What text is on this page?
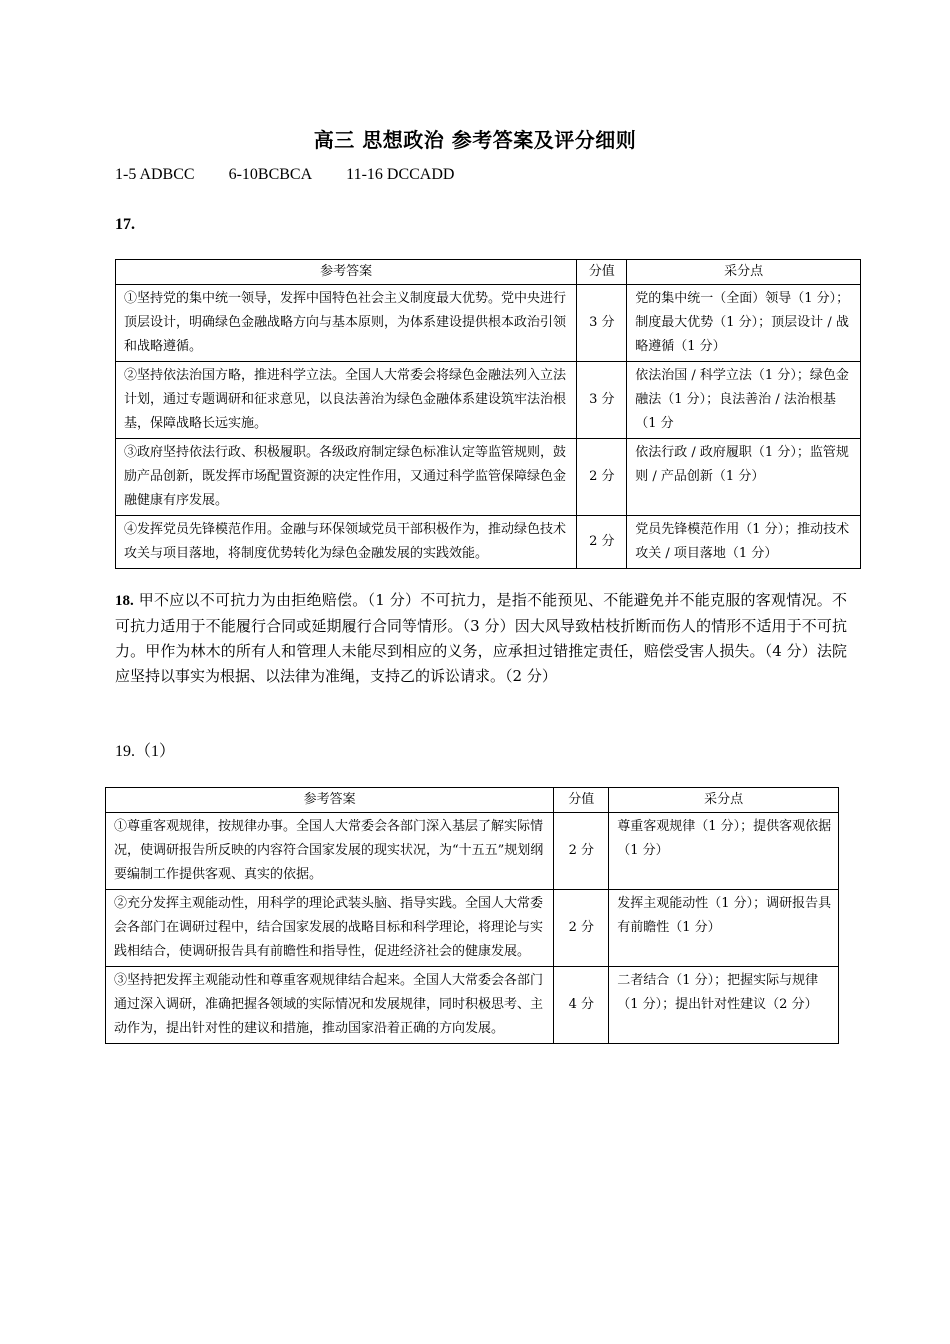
高三 思想政治 参考答案及评分细则
1-5 ADBCC 6-10BCBCA 11-16 DCCADD
17.
参考答案	分值	采分点
①坚持党的集中统一领导，发挥中国特色社会主义制度最大优势。党中央进行顶层设计，明确绿色金融战略方向与基本原则，为体系建设提供根本政治引领和战略遵循。	3 分	党的集中统一（全面）领导（1 分）；制度最大优势（1 分）；顶层设计 / 战略遵循（1 分）
②坚持依法治国方略，推进科学立法。全国人大常委会将绿色金融法列入立法计划，通过专题调研和征求意见，以良法善治为绿色金融体系建设筑牢法治根基，保障战略长远实施。	3 分	依法治国 / 科学立法（1 分）；绿色金融法（1 分）；良法善治 / 法治根基（1 分
③政府坚持依法行政、积极履职。各级政府制定绿色标准认定等监管规则，鼓励产品创新，既发挥市场配置资源的决定性作用，又通过科学监管保障绿色金融健康有序发展。	2 分	依法行政 / 政府履职（1 分）；监管规则 / 产品创新（1 分）
④发挥党员先锋模范作用。金融与环保领域党员干部积极作为，推动绿色技术攻关与项目落地，将制度优势转化为绿色金融发展的实践效能。	2 分	党员先锋模范作用（1 分）；推动技术攻关 / 项目落地（1 分）
18. 甲不应以不可抗力为由拒绝赔偿。（1 分）不可抗力，是指不能预见、不能避免并不能克服的客观情况。不可抗力适用于不能履行合同或延期履行合同等情形。（3 分）因大风导致枯枝折断而伤人的情形不适用于不可抗力。甲作为林木的所有人和管理人未能尽到相应的义务，应承担过错推定责任，赔偿受害人损失。（4 分）法院应坚持以事实为根据、以法律为准绳，支持乙的诉讼请求。（2 分）
19.（1）
参考答案	分值	采分点
①尊重客观规律，按规律办事。全国人大常委会各部门深入基层了解实际情况，使调研报告所反映的内容符合国家发展的现实状况，为“十五五”规划纲要编制工作提供客观、真实的依据。	2 分	尊重客观规律（1 分）；提供客观依据（1 分）
②充分发挥主观能动性，用科学的理论武装头脑、指导实践。全国人大常委会各部门在调研过程中，结合国家发展的战略目标和科学理论，将理论与实践相结合，使调研报告具有前瞻性和指导性，促进经济社会的健康发展。	2 分	发挥主观能动性（1 分）；调研报告具有前瞻性（1 分）
③坚持把发挥主观能动性和尊重客观规律结合起来。全国人大常委会各部门通过深入调研，准确把握各领域的实际情况和发展规律，同时积极思考、主动作为，提出针对性的建议和措施，推动国家沿着正确的方向发展。	4 分	二者结合（1 分）；把握实际与规律（1 分）；提出针对性建议（2 分）
